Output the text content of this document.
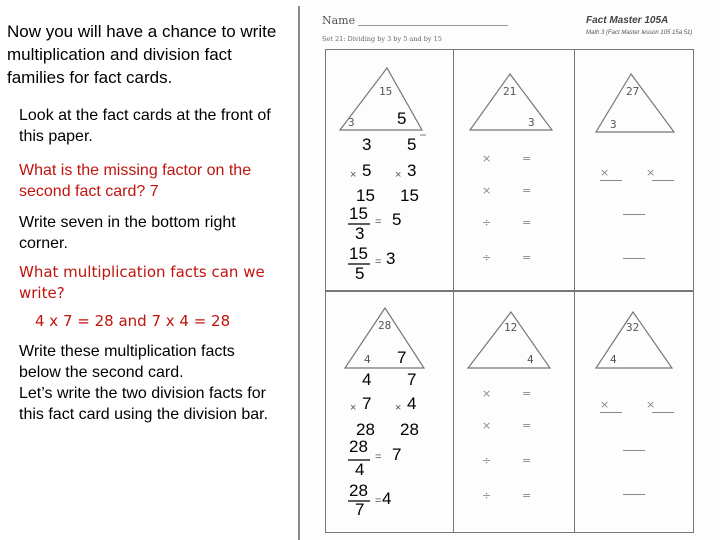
Now you will have a chance to write multiplication and division fact families for fact cards.

Look at the fact cards at the front of this paper.

What is the missing factor on the second fact card? 7

Write seven in the bottom right corner.

What multiplication facts can we write?

4 x 7 = 28 and 7 x 4 = 28

Write these multiplication facts below the second card.
Let’s write the two division facts for this fact card using the division bar.

Name
Set 21: Dividing by 3 by 5 and by 15
Fact Master 105A
Math 3 (Fact Master lesson 105 15a 51)
15
3
21
3
27
3
28
4
12
4
32
4
×
×
÷
÷
=
=
=
=
×	×
×
×
÷
÷
=
=
=
=
×	×
5
3
× 5
15
5
× 3
15
15
3
= 5
15
5
= 3
7
4
× 7
28
7
× 4
28
28
4
= 7
28
7 = 4
